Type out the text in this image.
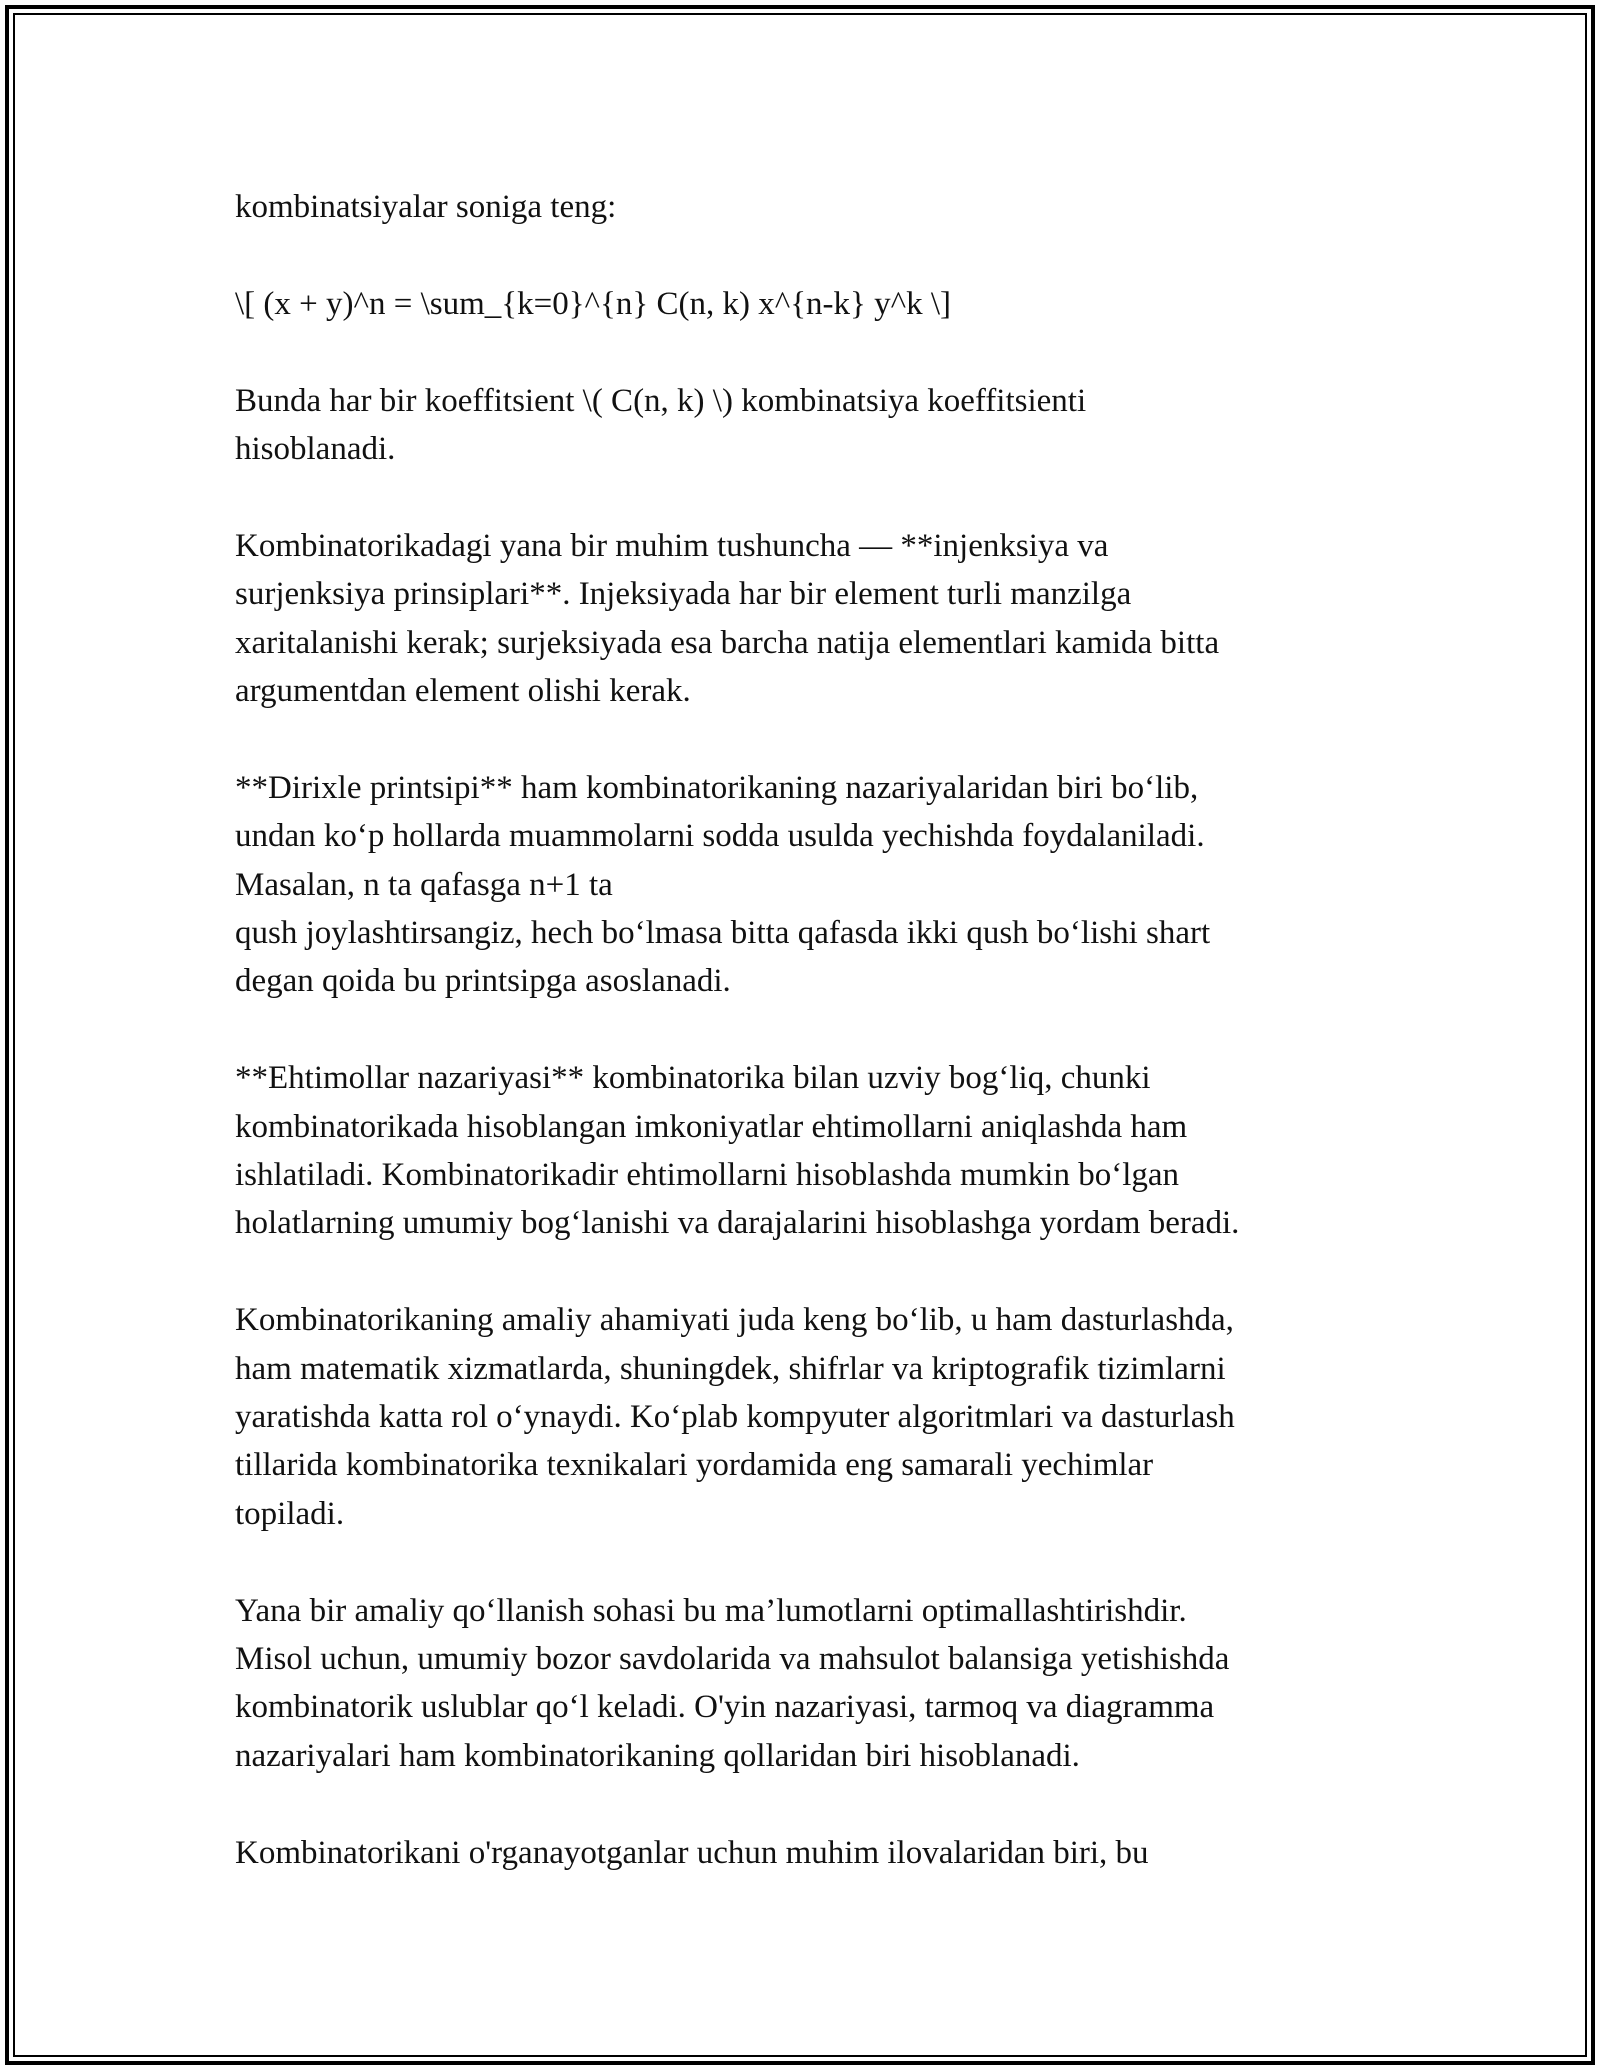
kombinatsiyalar soniga teng:

\[ (x + y)^n = \sum_{k=0}^{n} C(n, k) x^{n-k} y^k \]

Bunda har bir koeffitsient \( C(n, k) \) kombinatsiya koeffitsienti
hisoblanadi.

Kombinatorikadagi yana bir muhim tushuncha — **injenksiya va
surjenksiya prinsiplari**. Injeksiyada har bir element turli manzilga
xaritalanishi kerak; surjeksiyada esa barcha natija elementlari kamida bitta
argumentdan element olishi kerak.

**Dirixle printsipi** ham kombinatorikaning nazariyalaridan biri bo‘lib,
undan ko‘p hollarda muammolarni sodda usulda yechishda foydalaniladi.
Masalan, n ta qafasga n+1 ta
qush joylashtirsangiz, hech bo‘lmasa bitta qafasda ikki qush bo‘lishi shart
degan qoida bu printsipga asoslanadi.

**Ehtimollar nazariyasi** kombinatorika bilan uzviy bog‘liq, chunki
kombinatorikada hisoblangan imkoniyatlar ehtimollarni aniqlashda ham
ishlatiladi. Kombinatorikadir ehtimollarni hisoblashda mumkin bo‘lgan
holatlarning umumiy bog‘lanishi va darajalarini hisoblashga yordam beradi.

Kombinatorikaning amaliy ahamiyati juda keng bo‘lib, u ham dasturlashda,
ham matematik xizmatlarda, shuningdek, shifrlar va kriptografik tizimlarni
yaratishda katta rol o‘ynaydi. Ko‘plab kompyuter algoritmlari va dasturlash
tillarida kombinatorika texnikalari yordamida eng samarali yechimlar
topiladi.

Yana bir amaliy qo‘llanish sohasi bu ma’lumotlarni optimallashtirishdir.
Misol uchun, umumiy bozor savdolarida va mahsulot balansiga yetishishda
kombinatorik uslublar qo‘l keladi. O'yin nazariyasi, tarmoq va diagramma
nazariyalari ham kombinatorikaning qollaridan biri hisoblanadi.

Kombinatorikani o'rganayotganlar uchun muhim ilovalaridan biri, bu
